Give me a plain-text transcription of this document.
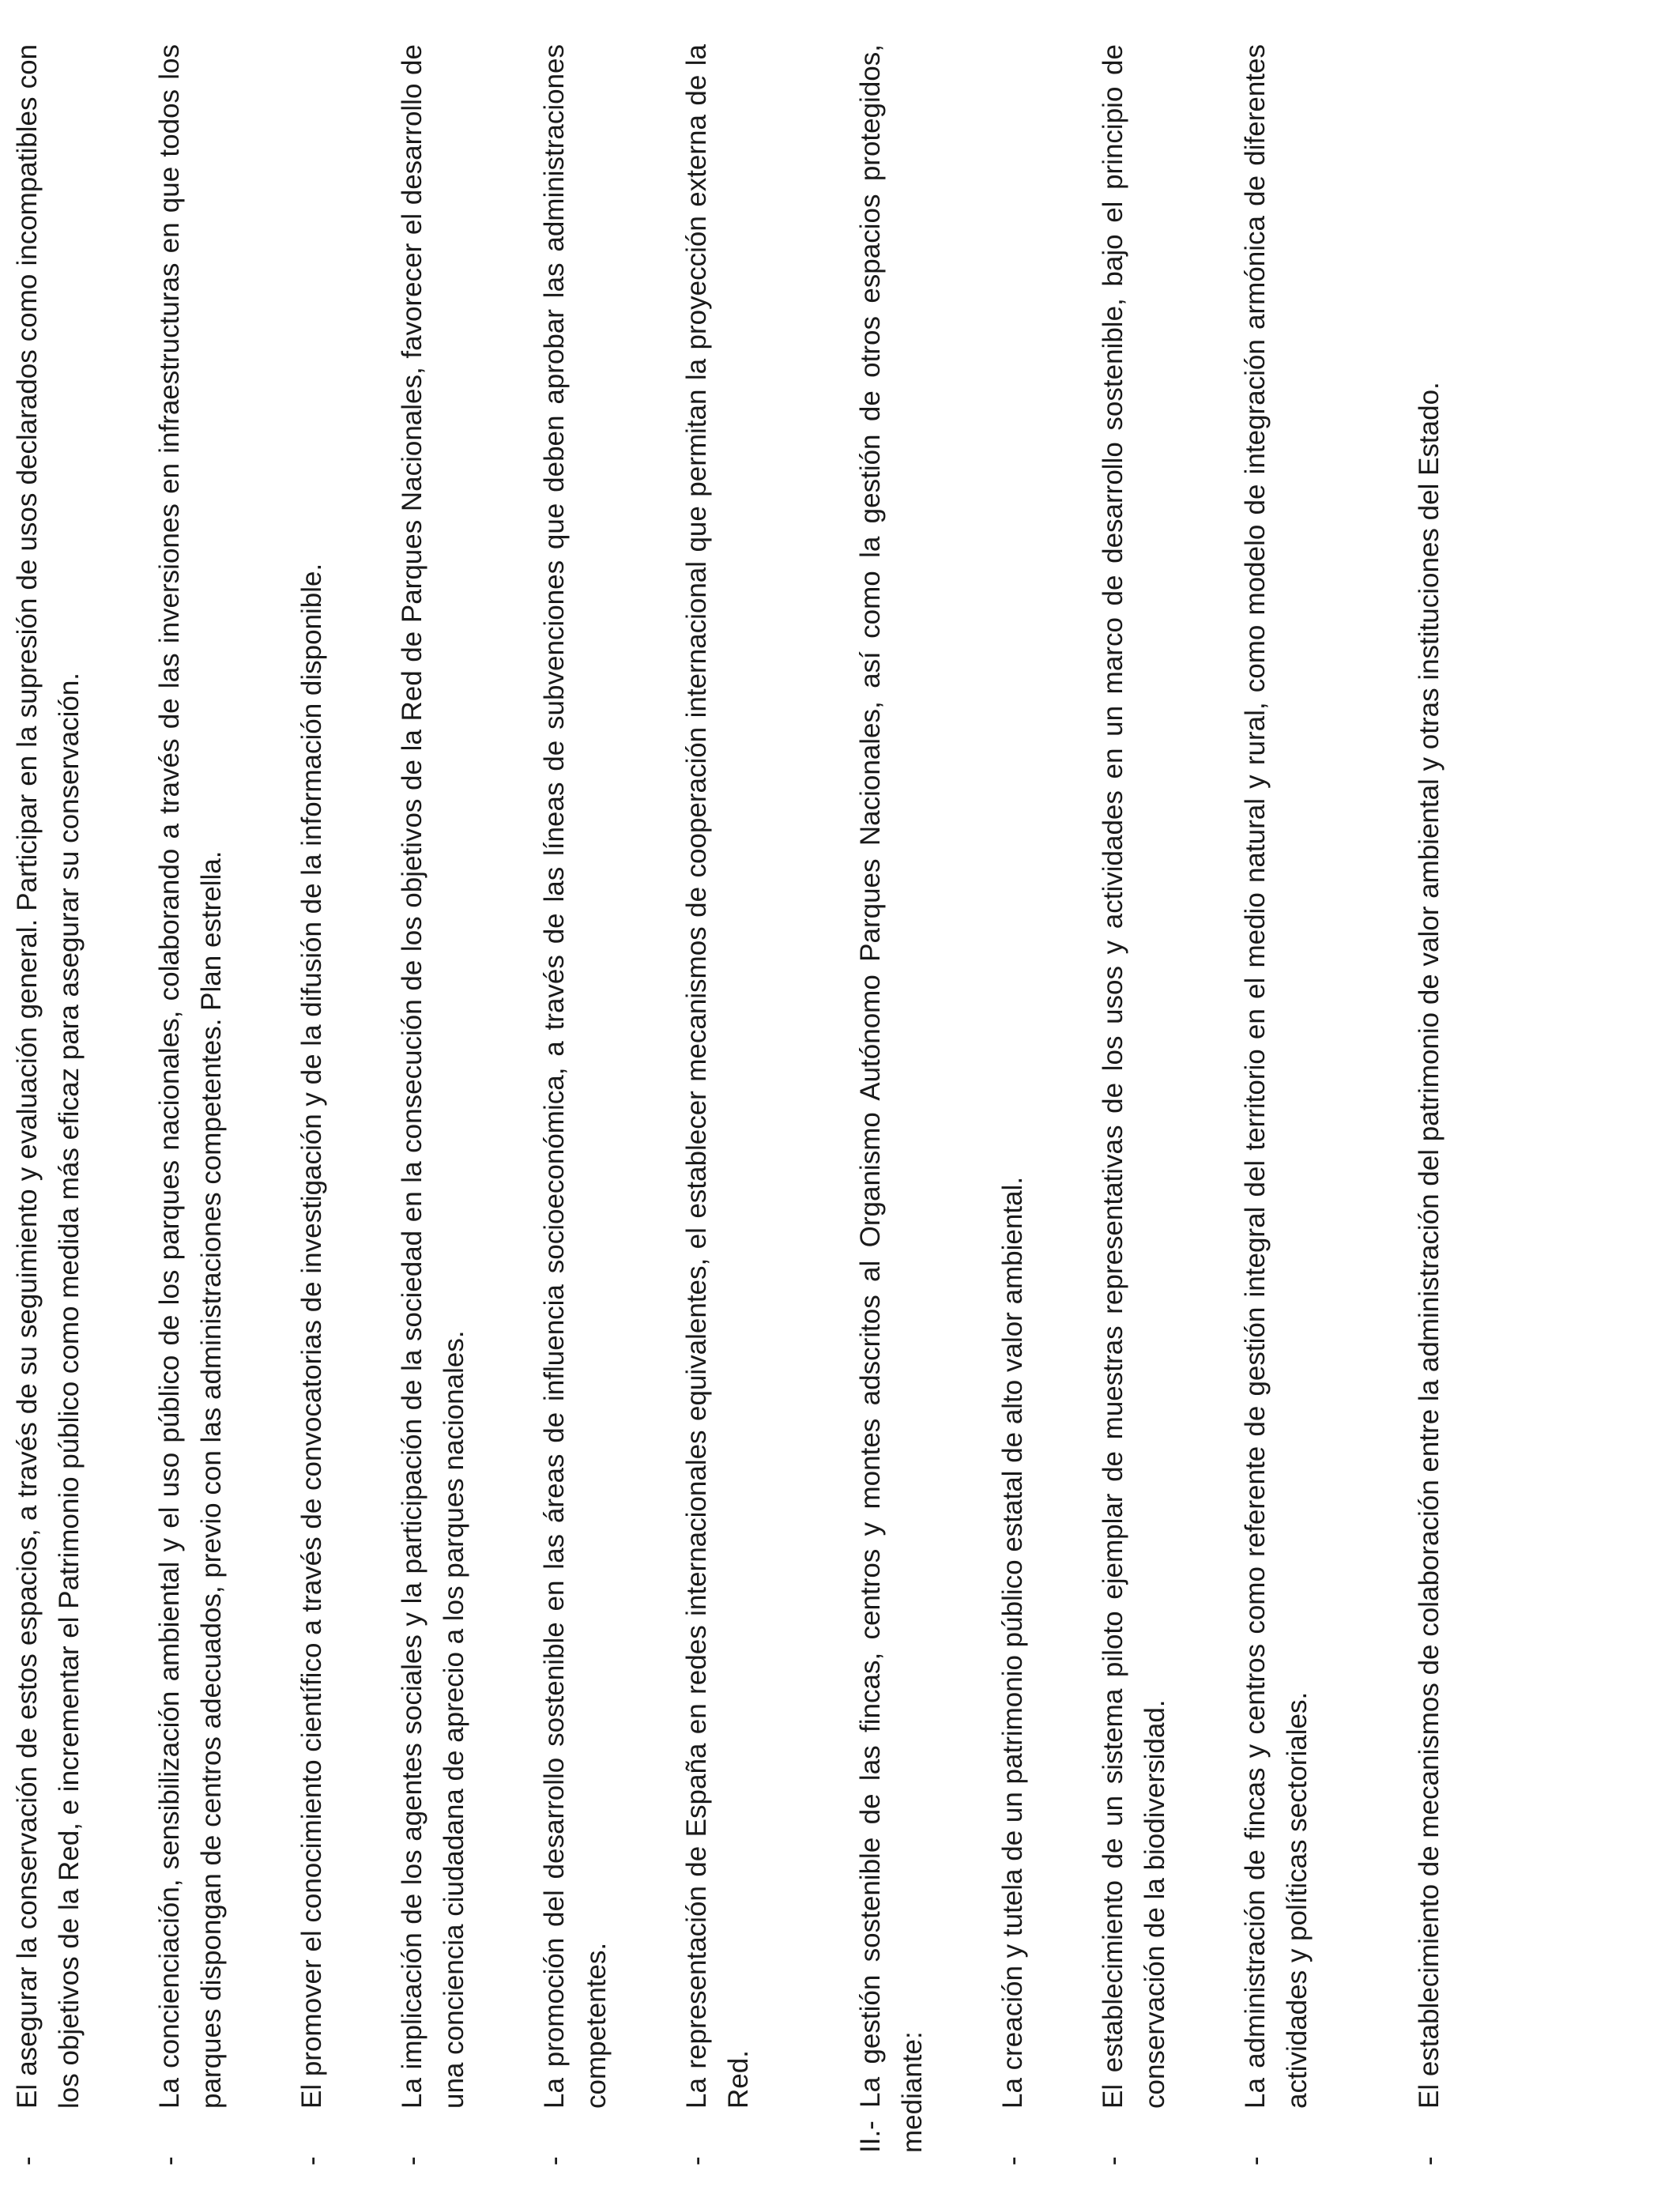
-
El asegurar la conservación de estos espacios, a través de su seguimiento y evaluación general. Participar en la supresión de usos declarados como incompatibles con los objetivos de la Red, e incrementar el Patrimonio público como medida más eficaz para asegurar su conservación.
-
La concienciación, sensibilización ambiental y el uso público de los parques nacionales, colaborando a través de las inversiones en infraestructuras en que todos los parques dispongan de centros adecuados, previo con las administraciones competentes. Plan estrella.
-
El promover el conocimiento científico a través de convocatorias de investigación y de la difusión de la información disponible.
-
La implicación de los agentes sociales y la participación de la sociedad en la consecución de los objetivos de la Red de Parques Nacionales, favorecer el desarrollo de una conciencia ciudadana de aprecio a los parques nacionales.
-
La promoción del desarrollo sostenible en las áreas de influencia socioeconómica, a través de las líneas de subvenciones que deben aprobar las administraciones competentes.
-
La representación de España en redes internacionales equivalentes, el establecer mecanismos de cooperación internacional que permitan la proyección externa de la Red.	II.- La gestión sostenible de las fincas, centros y montes adscritos al Organismo Autónomo Parques Nacionales, así como la gestión de otros espacios protegidos, mediante:
-
La creación y tutela de un patrimonio público estatal de alto valor ambiental.
-
El establecimiento de un sistema piloto ejemplar de muestras representativas de los usos y actividades en un marco de desarrollo sostenible, bajo el principio de conservación de la biodiversidad.
-
La administración de fincas y centros como referente de gestión integral del territorio en el medio natural y rural, como modelo de integración armónica de diferentes actividades y políticas sectoriales.
-
El establecimiento de mecanismos de colaboración entre la administración del patrimonio de valor ambiental y otras instituciones del Estado.
